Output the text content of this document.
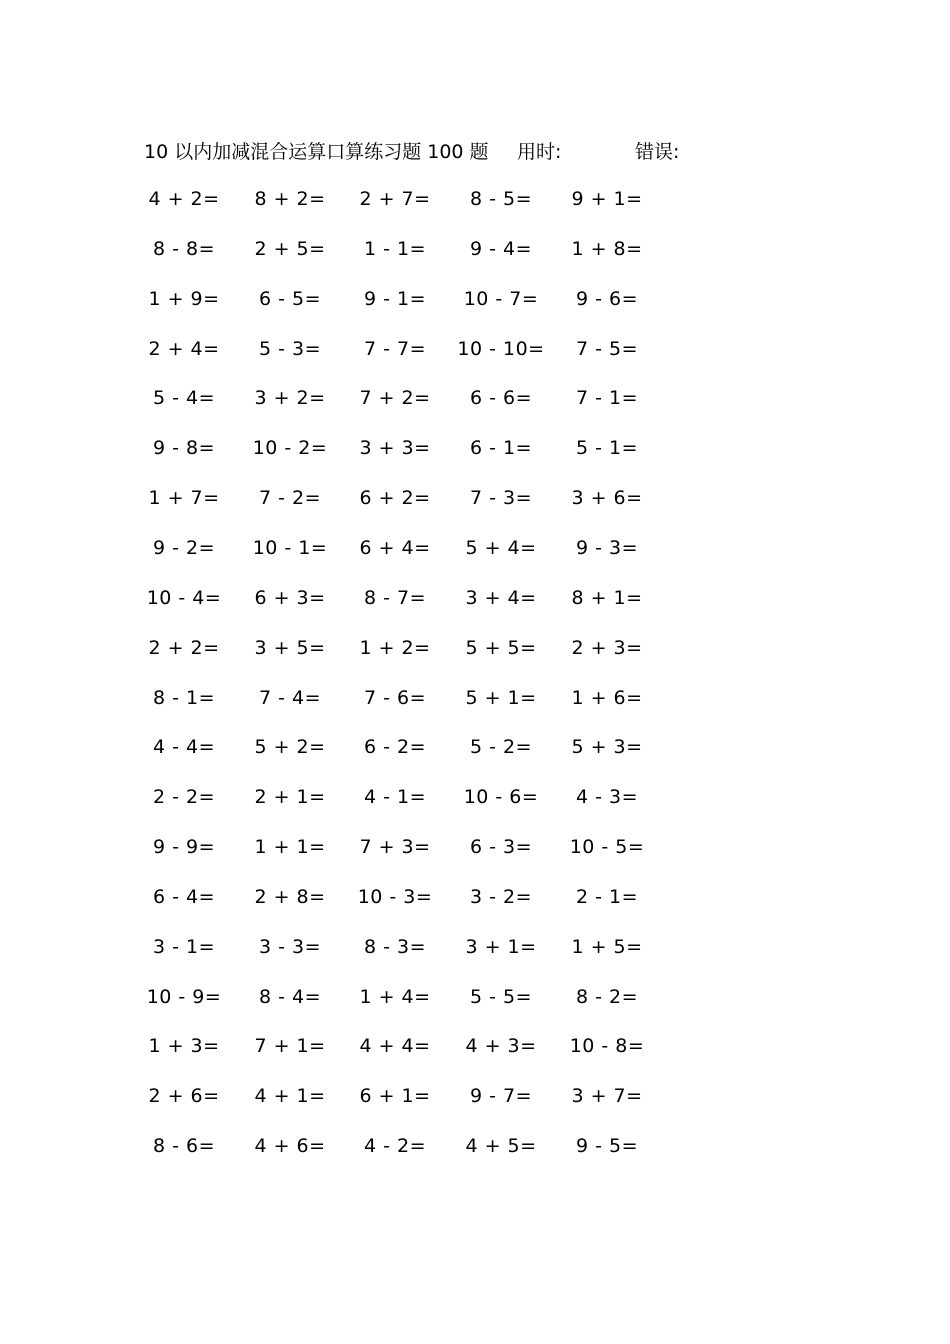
10 以内加减混合运算口算练习题 100 题 用时:	错误:
4 + 2= 8 + 2= 2 + 7= 8 - 5= 9 + 1=
8 - 8= 2 + 5= 1 - 1= 9 - 4= 1 + 8=
1 + 9= 6 - 5= 9 - 1= 10 - 7= 9 - 6=
2 + 4= 5 - 3= 7 - 7= 10 - 10= 7 - 5=
5 - 4= 3 + 2= 7 + 2= 6 - 6= 7 - 1=
9 - 8= 10 - 2= 3 + 3= 6 - 1= 5 - 1=
1 + 7= 7 - 2= 6 + 2= 7 - 3= 3 + 6=
9 - 2= 10 - 1= 6 + 4= 5 + 4= 9 - 3=
10 - 4= 6 + 3= 8 - 7= 3 + 4= 8 + 1=
2 + 2= 3 + 5= 1 + 2= 5 + 5= 2 + 3=
8 - 1= 7 - 4= 7 - 6= 5 + 1= 1 + 6=
4 - 4= 5 + 2= 6 - 2= 5 - 2= 5 + 3=
2 - 2= 2 + 1= 4 - 1= 10 - 6= 4 - 3=
9 - 9= 1 + 1= 7 + 3= 6 - 3= 10 - 5=
6 - 4= 2 + 8= 10 - 3= 3 - 2= 2 - 1=
3 - 1= 3 - 3= 8 - 3= 3 + 1= 1 + 5=
10 - 9= 8 - 4= 1 + 4= 5 - 5= 8 - 2=
1 + 3= 7 + 1= 4 + 4= 4 + 3= 10 - 8=
2 + 6= 4 + 1= 6 + 1= 9 - 7= 3 + 7=
8 - 6= 4 + 6= 4 - 2= 4 + 5= 9 - 5=
